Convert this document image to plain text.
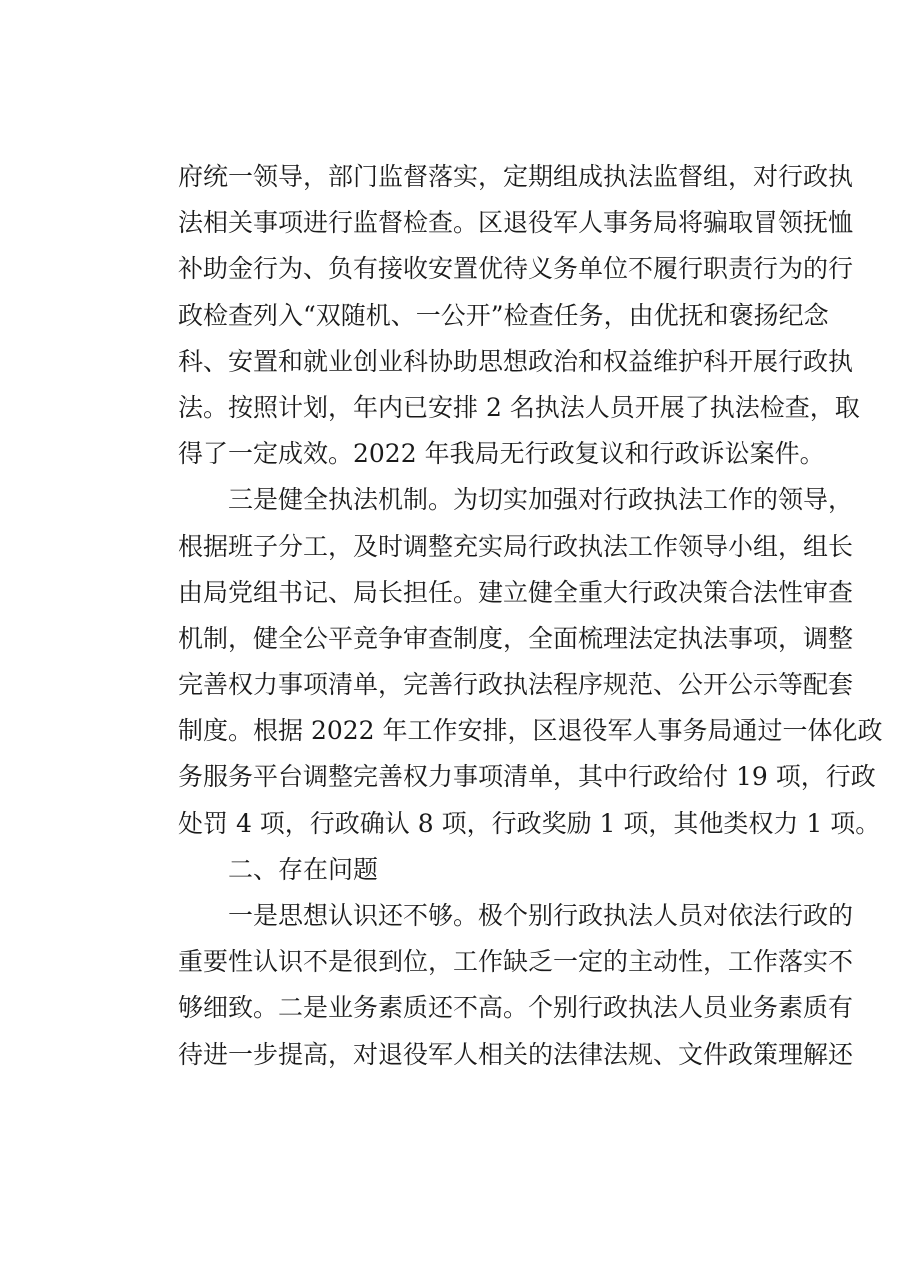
府统一领导，部门监督落实，定期组成执法监督组，对行政执
法相关事项进行监督检查。区退役军人事务局将骗取冒领抚恤
补助金行为、负有接收安置优待义务单位不履行职责行为的行
政检查列入“双随机、一公开”检查任务，由优抚和褒扬纪念
科、安置和就业创业科协助思想政治和权益维护科开展行政执
法。按照计划，年内已安排 2 名执法人员开展了执法检查，取
得了一定成效。2022 年我局无行政复议和行政诉讼案件。
三是健全执法机制。为切实加强对行政执法工作的领导，
根据班子分工，及时调整充实局行政执法工作领导小组，组长
由局党组书记、局长担任。建立健全重大行政决策合法性审查
机制，健全公平竞争审查制度，全面梳理法定执法事项，调整
完善权力事项清单，完善行政执法程序规范、公开公示等配套
制度。根据 2022 年工作安排，区退役军人事务局通过一体化政
务服务平台调整完善权力事项清单，其中行政给付 19 项，行政
处罚 4 项，行政确认 8 项，行政奖励 1 项，其他类权力 1 项。
二、存在问题
一是思想认识还不够。极个别行政执法人员对依法行政的
重要性认识不是很到位，工作缺乏一定的主动性，工作落实不
够细致。二是业务素质还不高。个别行政执法人员业务素质有
待进一步提高，对退役军人相关的法律法规、文件政策理解还
